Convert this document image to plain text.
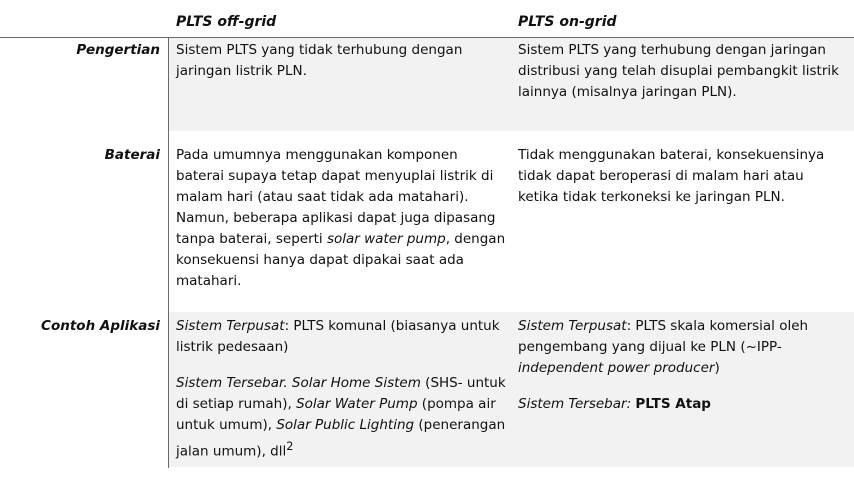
PLTS off-grid	PLTS on-grid
Pengertian Sistem PLTS yang tidak terhubung dengan jaringan listrik PLN.
Sistem PLTS yang terhubung dengan jaringan distribusi yang telah disuplai pembangkit listrik lainnya (misalnya jaringan PLN).
Baterai Pada umumnya menggunakan komponen baterai supaya tetap dapat menyuplai listrik di malam hari (atau saat tidak ada matahari). Namun, beberapa aplikasi dapat juga dipasang tanpa baterai, seperti solar water pump, dengan konsekuensi hanya dapat dipakai saat ada matahari.
Tidak menggunakan baterai, konsekuensinya tidak dapat beroperasi di malam hari atau ketika tidak terkoneksi ke jaringan PLN.
Contoh Aplikasi Sistem Terpusat: PLTS komunal (biasanya untuk listrik pedesaan)
Sistem Tersebar. Solar Home Sistem (SHS- untuk di setiap rumah), Solar Water Pump (pompa air untuk umum), Solar Public Lighting (penerangan jalan umum), dll$^2$
Sistem Terpusat: PLTS skala komersial oleh pengembang yang dijual ke PLN (~IPP-independent power producer)
Sistem Tersebar: PLTS Atap
